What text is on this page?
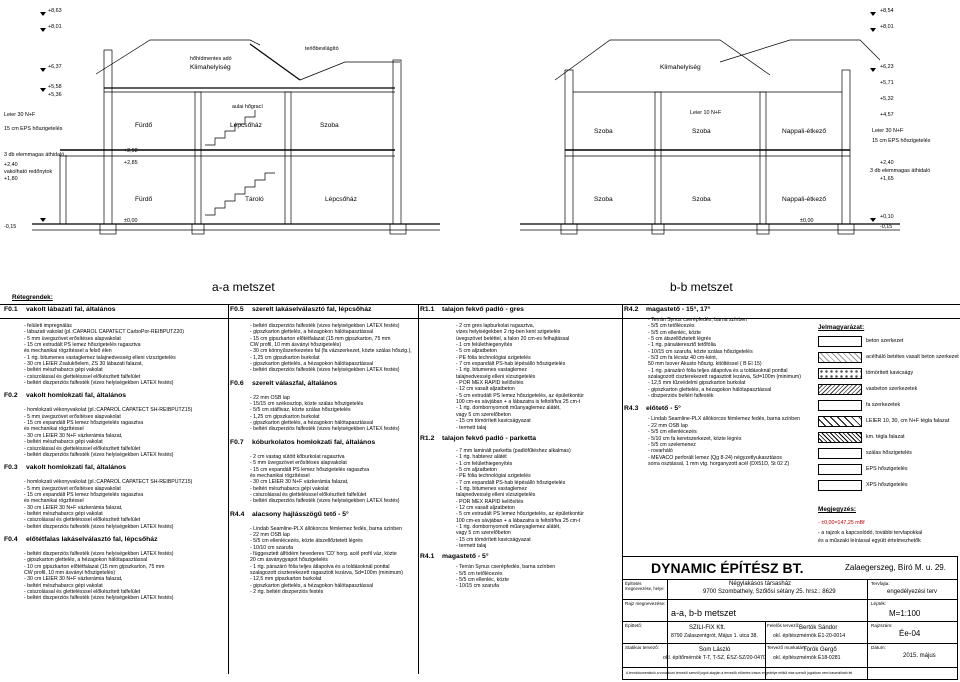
+8,63
+8,01
+6,37
+5,58
+5,36
+2,92
+2,85
+2,40
+1,80
±0,00
-0,15
+8,54
+8,01
+6,23
+5,71
+5,32
+4,57
+2,40
+1,65
±0,00
+0,10
-0,15
Leier 30 N+F
15 cm EPS hőszigetelés
3 db elemmagas áthidaló
vakolható redőnytok
Leier 30 N+F
15 cm EPS hőszigetelés
3 db elemmagas áthidaló
Fürdő	Lépcsőház	Szoba
Fürdő	Tároló	Lépcsőház
Klimahelyiség
aulai hőgrací
terlőbevilágító
hőhídmentes adó
Szoba	Szoba	Nappali-étkező
Szoba	Szoba	Nappali-étkező
Klimahelyiség
Leier 10 N+F
a-a metszet	b-b metszet
Rétegrendek:
F0.1 vakolt lábazati fal, általános
- felületi impregnálás
- lábazati vakolat (pl.:CAPAROL CAPATECT CarboPor-REIBPUTZ20)
- 5 mm üvegszövet erősítéses alapvakolat
- 15 cm extrudált PS lemez hőszigetelés ragasztva
és mechanikai rögzítéssel a felső élen
- 1 rtg. bitumenes vastaglemez talajnedvesség elleni vízszigetelés
- 30 cm LEIER Zsalukőelem, ZS 30 lábazati falazat,
- beltéri mészhabarcs gépi vakolat
- csiszolással és glettelésssel előkészített falfelület
- beltéri diszperziós falfesték (vizes helyiségekben LATEX festés)
F0.2 vakolt homlokzati fal, általános
- homlokzati vékonyvakolat (pl.:CAPAROL CAPATECT SH-REIBPUTZ15)
- 5 mm üvegszövet erősítéses alapvakolat
- 15 cm expandált PS lemez hőszigetelés ragasztva
és mechanikai rögzítéssel
- 30 cm LEIER 30 N+F vázkerámia falazat,
- beltéri mészhabarcs gépi vakolat
- csiszolással és glettelésssel előkészített falfelület
- beltéri diszperziós falfesték (vizes helyiségekben LATEX festés)
F0.3 vakolt homlokzati fal, általános
- homlokzati vékonyvakolat (pl.:CAPAROL CAPATECT SH-REIBPUTZ15)
- 5 mm üvegszövet erősítéses alapvakolat
- 15 cm expandált PS lemez hőszigetelés ragasztva
és mechanikai rögzítéssel
- 30 cm LEIER 30 N+F vázkerámia falazat,
- beltéri mészhabarcs gépi vakolat
- csiszolással és glettelésssel előkészített falfelület
- beltéri diszperziós falfesték (vizes helyiségekben LATEX festés)
F0.4 előtétfalas lakáselválasztó fal, lépcsőház
- beltéri diszperziós falfesték (vizes helyiségekben LATEX festés)
- gipszkarton glettelés, a hézagokon hálótapasztással
- 10 cm gipszkarton előtétfalazat (15 mm gipszkarton, 75 mm
CW profil, 10 mm ásványi hőszigetelés)
- 30 cm LEIER 30 N+F vázkerámia falazat,
- beltéri mészhabarcs gépi vakolat
- csiszolással és glettelésssel előkészített falfelület
- beltéri diszperziós falfesték (vizes helyiségekben LATEX festés)
F0.5 szerelt lakáselválasztó fal, lépcsőház
- beltéri diszperziós falfesték (vizes helyiségekben LATEX festés)
- gipszkarton glettelés, a hézagokon hálótapasztással
- 15 cm gipszkarton előtétfalazat (15 mm gipszkarton, 75 mm
CW profil, 10 mm ásványi hőszigetelés)
- 30 cm könnyűszerkezetes fal (fa vázszerkezet, közte szálas hőszig.),
- 1,25 cm gipszkarton burkolat
- gipszkarton glettelés, a hézagokon hálótapasztással
- beltéri diszperziós falfesték (vizes helyiségekben LATEX festés)
F0.6 szerelt válaszfal, általános
- 22 mm OSB lap
- 15/15 cm székoszlop, közte szálas hőszigetelés
- 5/5 cm stáflivaz, közte szálas hőszigetelés
- 1,25 cm gipszkarton burkolat
- gipszkarton glettelés, a hézagokon hálótapasztással
- beltéri diszperziós falfesték (vizes helyiségekben LATEX festés)
F0.7 kóburkolatos homlokzati fal, általános
- 2 cm vastag sütött kőburkolat ragasztva
- 5 mm üvegszövet erősítéses alapvakolat
- 15 cm expandált PS lemez hőszigetelés ragasztva
és mechanikai rögzítéssel
- 30 cm LEIER 30 N+F vázkerámia falazat,
- beltéri mészhabarcs gépi vakolat
- csiszolással és glettelésssel előkészített falfelület
- beltéri diszperziós falfesték (vizes helyiségekben LATEX festés)
R4.4 alacsony hajlásszögű tető - 5°
- Lindab Seamline-PLX állókorcos fémlemez fedés, barna színben
- 22 mm OSB lap
- 5/5 cm ellenlécezés, közte átszellőztetett légrés
- 10/10 cm szarufa
- függesztett álfödém hevederes 'CD' horg. acél profil váz, közte
20 cm ásványgyapot hőszigetelés
- 1 rtg. párazáró fólia teljes átlapolva és a toldásoknál ponttal
szalagozott ciszterekezett ragasztott lezárva, Sd=100m (minimum)
- 12,5 mm gipszkarton burkolat
- gipszkarton glettelés, a hézagokon hálótapasztással
- 2 rtg. beltéri diszperziós festés
R1.1 talajon fekvő padló - gres
- 2 cm gres lapburkolat ragasztva,
vizes helyiségekben 2 rtg-ben kent szigetelés
üvegszövet betéttel, a falon 20 cm-es felhajtással
- 1 cm felülethiegenyítés
- 5 cm aljzatbeton
- PE fólia technológiai szigetelés
- 7 cm expandált PS-hab lépésálló hőszigetelés
- 1 rtg. bitumenes vastaglemez
talajnedvesség elleni vízszigetelés
- POR MEX RAPID kellősítés
- 12 cm vasalt aljzatbeton
- 5 cm extrudált PS lemez hőszigetelés, az épületkontúr
100 cm-es sávjában + a lábazatra is feltolt/fva 25 cm-t
- 1 rtg. dombornyomott műanyaglemez alátét,
vagy 5 cm szerelőbeton
- 15 cm tömörített kavicságyazat
- termett talaj
R1.2 talajon fekvő padló - parketta
- 7 mm laminált parketta (padlófűtéshez alkalmas)
- 1 rtg. habterez alátét
- 1 cm felülethiegenyítés
- 5 cm aljzatbeton
- PE fólia technológiai szigetelés
- 7 cm expandált PS-hab lépésálló hőszigetelés
- 1 rtg. bitumenes vastaglemez
talajnedvesség elleni vízszigetelés
- POR MEX RAPID kellősítés
- 12 cm vasalt aljzatbeton
- 5 cm extrudált PS lemez hőszigetelés, az épületkontúr
100 cm-es sávjában + a lábazatra is feltolt/fva 25 cm-t
- 1 rtg. dombornyomott műanyaglemez alátét,
vagy 5 cm szerelőbeton
- 15 cm tömörített kavicságyazat
- termett talaj
R4.1 magastető - 5°
- Terrán Synus cserépfedés, barna színben
- 5/5 cm tetőlécezés
- 5/5 cm ellenléc, közte
- 10/15 cm szarufa
R4.2 magastető - 15°, 17°
- Terrán Synus cserépfedés, barna színben
- 5/5 cm tetőlécezés
- 5/5 cm ellenléc, közte
- 5 cm átszellőztetett légrés
- 1 rtg. páraáteresztő tetőfólia
- 10/15 cm szarufa, közte szálas hőszigetelés
- 5/3 cm fa lécváz 40 cm-ként,
50 mm Isover Akusto hőszig. kitöltéssel ( B El 15)
- 1 rtg. párazáró fólia teljes átlapolva és a toldásoknál ponttal
szalagozott ciszterekezett ragasztott lezárva, Sd=100m (minimum)
- 12,5 mm tűzvédelmi gipszkarton burkolat
- gipszkarton glettelés, a hézagokon hálótapasztással
- diszperziós beltéri falfesték
R4.3 előtető - 5°
- Lindab Seamline-PLX állókorcos fémlemez fedés, barna színben
- 22 mm OSB lap
- 5/5 cm ellenlécezés
- 5/10 cm fa keretszerkezet, közte légrés
- 5/5 cm szelemenez
- rovarháló
- MEVACO perforált lemez (Qg 8-24) négyzetlyukasztásos
sorra osztással, 1 mm vtg. horganyzott acél (DX51D, St 02 Z)
Jelmagyarázat:
beton szerkezet
acélháló betétes vasalt beton szerkezet
tömörített kavicságy
vasbeton szerkezetek
fa szerkezetek
LEIER 10, 30, cm N+F tégla falazat
km. tégla falazat
szálas hőszigetelés
EPS hőszigetelés
XPS hőszigetelés
Megjegyzés:
- ±0,00=147,25 mBf
- a rajzok a kapcsolódó, további tervlapokkal
és a műszaki leírással együtt értelmezhetők
DYNAMIC ÉPÍTÉSZ BT.	Zalaegerszeg, Bíró M. u. 29.
Tervfajta:
engedélyezési terv
Építtetés megnevezése, helye:
Négylakásos társasház
9700 Szombathely, Szőlősi sétány 25. hrsz.: 8629
Rajz megnevezése:
a-a, b-b metszet
Lépték:
M=1:100
Építtető:	SZILI-FIX Kft.
8790 Zalaszentgrót, Május 1. utca 38.
Felelős tervező: Bertók Sándor
okl. építészmérnök É1-20-0014
Rajzszám:
Ée-04
Statikus tervező:	Som László
okl. építőmérnök T-T, T-SZ, ÉSZ-SZ/20-0470
Tervező munkatárs:
Török Gergő
okl. építészmérnök É18-0281
Dátum:
2015. május
A tervdokumentáció a vonatkozó tervezői szerzői jogok alapján a tervezők előzetes írásos engedélye nélkül más szerzői jogokban nem használható fel.
